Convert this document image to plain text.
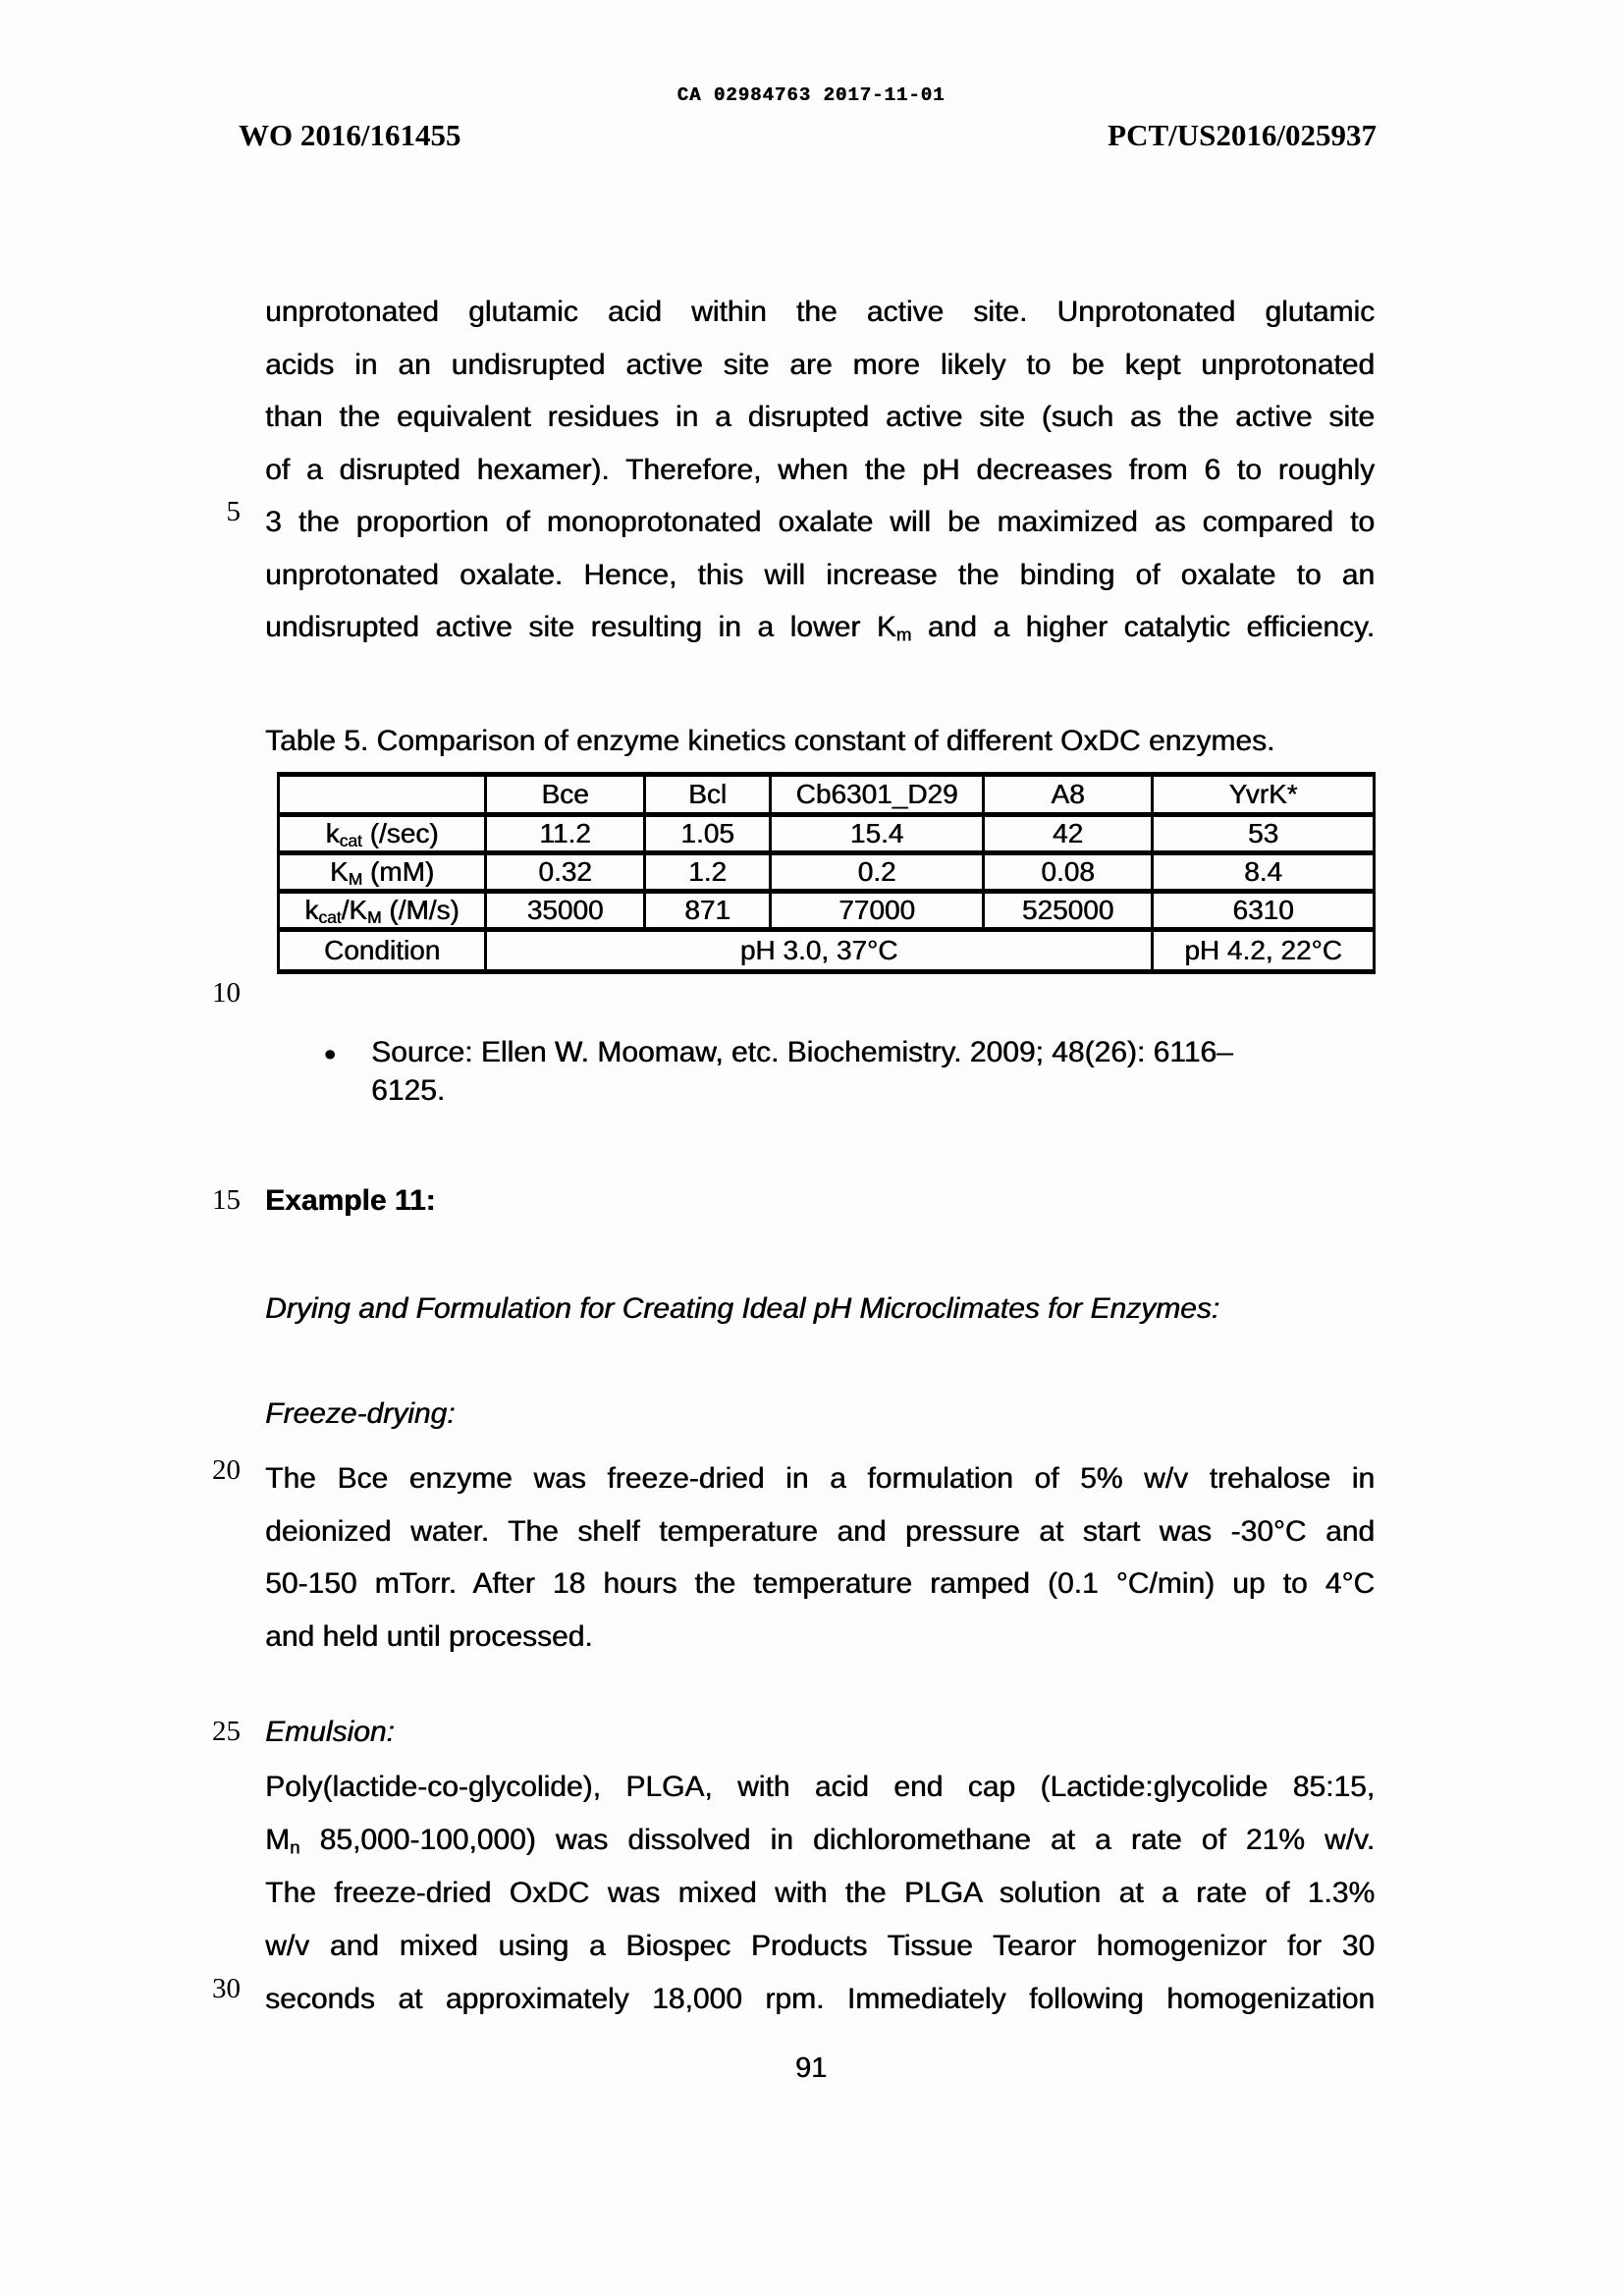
CA 02984763 2017-11-01
WO 2016/161455	PCT/US2016/025937
5
10
15
20
25
30
unprotonated glutamic acid within the active site. Unprotonated glutamic
acids in an undisrupted active site are more likely to be kept unprotonated
than the equivalent residues in a disrupted active site (such as the active site
of a disrupted hexamer). Therefore, when the pH decreases from 6 to roughly
3 the proportion of monoprotonated oxalate will be maximized as compared to
unprotonated oxalate. Hence, this will increase the binding of oxalate to an
undisrupted active site resulting in a lower $K_m$ and a higher catalytic efficiency.
Table 5. Comparison of enzyme kinetics constant of different OxDC enzymes.
	Bce	Bcl	Cb6301_D29	A8	YvrK*
$k_{cat}$ (/sec)	11.2	1.05	15.4	42	53
$K_M$ (mM)	0.32	1.2	0.2	0.08	8.4
$k_{cat}/K_M$ (/M/s)	35000	871	77000	525000	6310
Condition	pH 3.0, 37°C				pH 4.2, 22°C
• Source: Ellen W. Moomaw, etc. Biochemistry. 2009; 48(26): 6116–
6125.
Example 11:
Drying and Formulation for Creating Ideal pH Microclimates for Enzymes:
Freeze-drying:
The Bce enzyme was freeze-dried in a formulation of 5% w/v trehalose in
deionized water. The shelf temperature and pressure at start was -30°C and
50-150 mTorr. After 18 hours the temperature ramped (0.1 °C/min) up to 4°C
and held until processed.
Emulsion:
Poly(lactide-co-glycolide), PLGA, with acid end cap (Lactide:glycolide 85:15,
$M_n$ 85,000-100,000) was dissolved in dichloromethane at a rate of 21% w/v.
The freeze-dried OxDC was mixed with the PLGA solution at a rate of 1.3%
w/v and mixed using a Biospec Products Tissue Tearor homogenizor for 30
seconds at approximately 18,000 rpm. Immediately following homogenization
91
